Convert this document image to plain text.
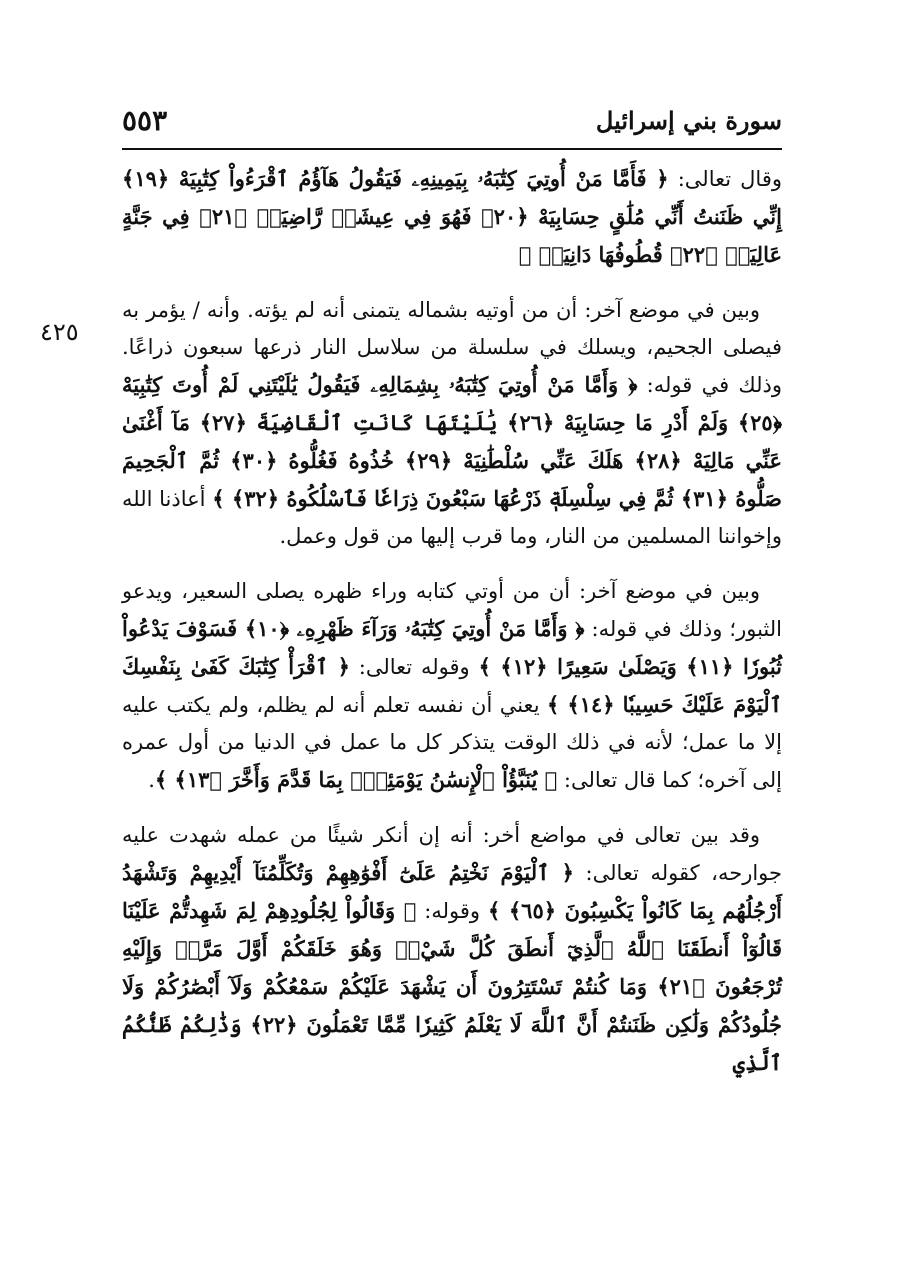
٥٥٣	سورة بني إسرائيل
٤٢٥

وقال تعالى: ﴿ فَأَمَّا مَنْ أُوتِيَ كِتَٰبَهُۥ بِيَمِينِهِۦ فَيَقُولُ هَآؤُمُ ٱقْرَءُواْ كِتَٰبِيَهْ ﴿١٩﴾ إِنِّي ظَنَنتُ أَنِّي مُلَٰقٍ حِسَابِيَهْ ﴿٢٠﴾ فَهُوَ فِي عِيشَةٖ رَّاضِيَةٖ ﴿٢١﴾ فِي جَنَّةٍ عَالِيَةٖ ﴿٢٢﴾ قُطُوفُهَا دَانِيَةٞ ﴾

وبين في موضع آخر: أن من أوتيه بشماله يتمنى أنه لم يؤته. وأنه / يؤمر به فيصلى الجحيم، ويسلك في سلسلة من سلاسل النار ذرعها سبعون ذراعًا. وذلك في قوله: ﴿ وَأَمَّا مَنْ أُوتِيَ كِتَٰبَهُۥ بِشِمَالِهِۦ فَيَقُولُ يَٰلَيْتَنِي لَمْ أُوتَ كِتَٰبِيَهْ ﴿٢٥﴾ وَلَمْ أَدْرِ مَا حِسَابِيَهْ ﴿٢٦﴾ يَٰلَيْتَهَا كَانَتِ ٱلْقَاضِيَةَ ﴿٢٧﴾ مَآ أَغْنَىٰ عَنِّي مَالِيَهْ ﴿٢٨﴾ هَلَكَ عَنِّي سُلْطَٰنِيَهْ ﴿٢٩﴾ خُذُوهُ فَغُلُّوهُ ﴿٣٠﴾ ثُمَّ ٱلْجَحِيمَ صَلُّوهُ ﴿٣١﴾ ثُمَّ فِي سِلْسِلَةٖ ذَرْعُهَا سَبْعُونَ ذِرَاعٗا فَٱسْلُكُوهُ ﴿٣٢﴾ ﴾ أعاذنا الله وإخواننا المسلمين من النار، وما قرب إليها من قول وعمل.

وبين في موضع آخر: أن من أوتي كتابه وراء ظهره يصلى السعير، ويدعو الثبور؛ وذلك في قوله: ﴿ وَأَمَّا مَنْ أُوتِيَ كِتَٰبَهُۥ وَرَآءَ ظَهْرِهِۦ ﴿١٠﴾ فَسَوْفَ يَدْعُواْ ثُبُورٗا ﴿١١﴾ وَيَصْلَىٰ سَعِيرًا ﴿١٢﴾ ﴾ وقوله تعالى: ﴿ ٱقْرَأْ كِتَٰبَكَ كَفَىٰ بِنَفْسِكَ ٱلْيَوْمَ عَلَيْكَ حَسِيبٗا ﴿١٤﴾ ﴾ يعني أن نفسه تعلم أنه لم يظلم، ولم يكتب عليه إلا ما عمل؛ لأنه في ذلك الوقت يتذكر كل ما عمل في الدنيا من أول عمره إلى آخره؛ كما قال تعالى: ﴿ يُنَبَّؤُاْ ٱلْإِنسَٰنُ يَوْمَئِذِۢ بِمَا قَدَّمَ وَأَخَّرَ ﴿١٣﴾ ﴾.

وقد بين تعالى في مواضع أخر: أنه إن أنكر شيئًا من عمله شهدت عليه جوارحه، كقوله تعالى: ﴿ ٱلْيَوْمَ نَخْتِمُ عَلَىٰٓ أَفْوَٰهِهِمْ وَتُكَلِّمُنَآ أَيْدِيهِمْ وَتَشْهَدُ أَرْجُلُهُم بِمَا كَانُواْ يَكْسِبُونَ ﴿٦٥﴾ ﴾ وقوله: ﴿ وَقَالُواْ لِجُلُودِهِمْ لِمَ شَهِدتُّمْ عَلَيْنَا قَالُوٓاْ أَنطَقَنَا ٱللَّهُ ٱلَّذِيٓ أَنطَقَ كُلَّ شَيْءٖ وَهُوَ خَلَقَكُمْ أَوَّلَ مَرَّةٖ وَإِلَيْهِ تُرْجَعُونَ ﴿٢١﴾ وَمَا كُنتُمْ تَسْتَتِرُونَ أَن يَشْهَدَ عَلَيْكُمْ سَمْعُكُمْ وَلَآ أَبْصَٰرُكُمْ وَلَا جُلُودُكُمْ وَلَٰكِن ظَنَنتُمْ أَنَّ ٱللَّهَ لَا يَعْلَمُ كَثِيرٗا مِّمَّا تَعْمَلُونَ ﴿٢٢﴾ وَذَٰلِكُمْ ظَنُّكُمُ ٱلَّذِي
